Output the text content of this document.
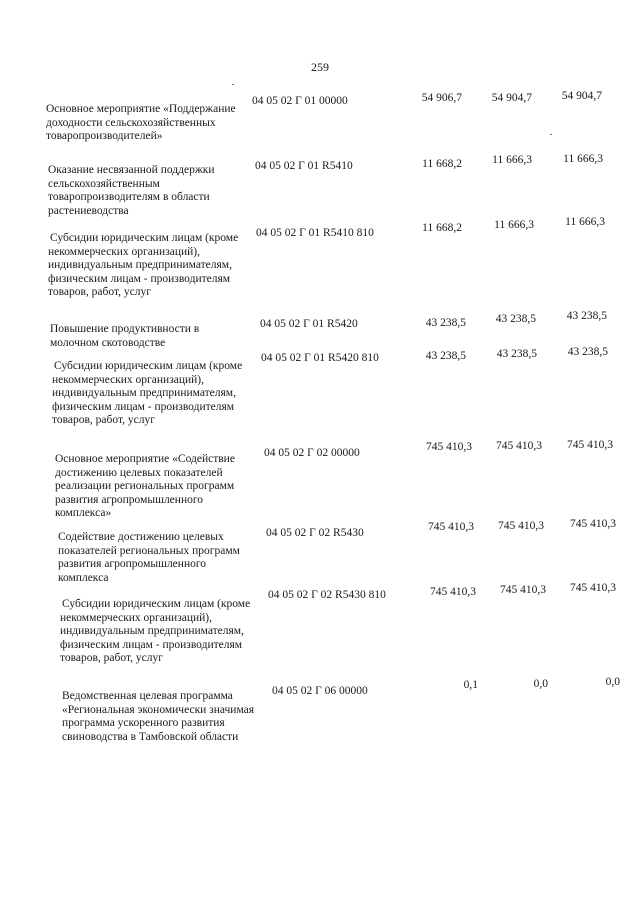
259
Основное мероприятие «Поддержание доходности сельскохозяйственных товаропроизводителей»
04 05 02 Г 01 00000	54 906,7	54 904,7	54 904,7
Оказание несвязанной поддержки сельскохозяйственным товаропроизводителям в области растениеводства
04 05 02 Г 01 R5410	11 668,2	11 666,3	11 666,3
Субсидии юридическим лицам (кроме некоммерческих организаций), индивидуальным предпринимателям, физическим лицам - производителям товаров, работ, услуг
04 05 02 Г 01 R5410 810	11 668,2	11 666,3	11 666,3
Повышение продуктивности в молочном скотоводстве
04 05 02 Г 01 R5420	43 238,5	43 238,5	43 238,5
Субсидии юридическим лицам (кроме некоммерческих организаций), индивидуальным предпринимателям, физическим лицам - производителям товаров, работ, услуг
04 05 02 Г 01 R5420 810	43 238,5	43 238,5	43 238,5
Основное мероприятие «Содействие достижению целевых показателей реализации региональных программ развития агропромышленного комплекса»
04 05 02 Г 02 00000	745 410,3	745 410,3	745 410,3
Содействие достижению целевых показателей региональных программ развития агропромышленного комплекса
04 05 02 Г 02 R5430	745 410,3	745 410,3	745 410,3
Субсидии юридическим лицам (кроме некоммерческих организаций), индивидуальным предпринимателям, физическим лицам - производителям товаров, работ, услуг
04 05 02 Г 02 R5430 810	745 410,3	745 410,3	745 410,3
Ведомственная целевая программа «Региональная экономически значимая программа ускоренного развития свиноводства в Тамбовской области
04 05 02 Г 06 00000	0,1	0,0	0,0
